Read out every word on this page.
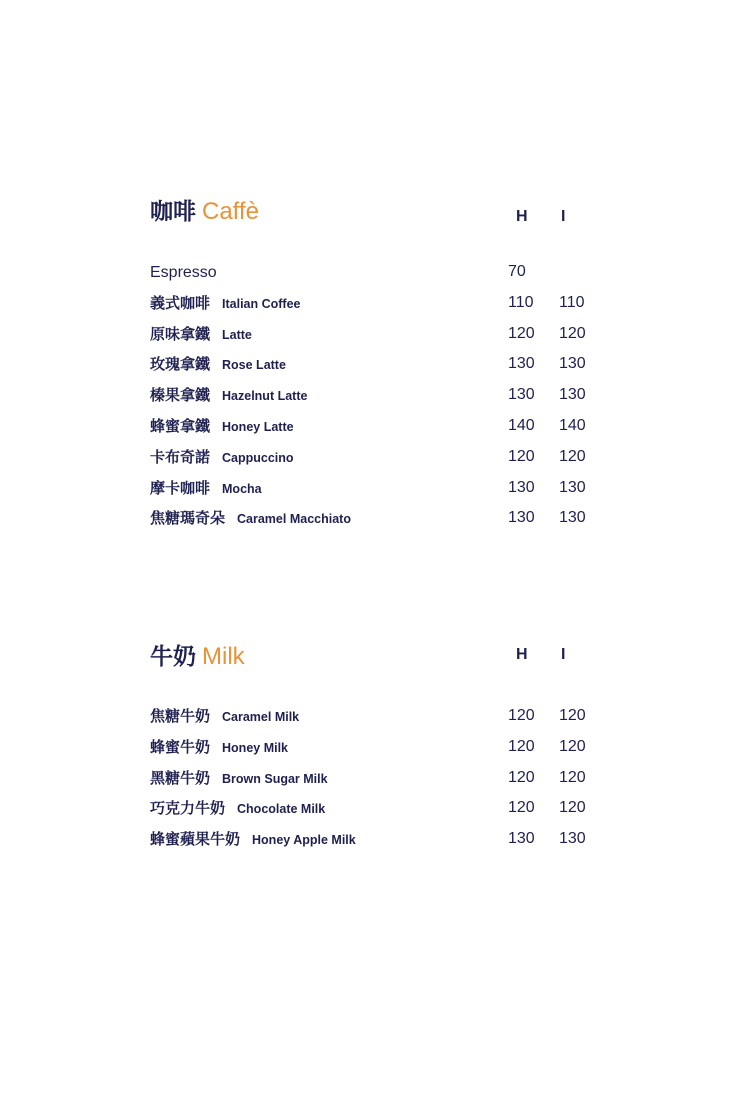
咖啡 Caffè	H I
Espresso	70
義式咖啡 Italian Coffee	110 110
原味拿鐵 Latte	120 120
玫瑰拿鐵 Rose Latte	130 130
榛果拿鐵 Hazelnut Latte	130 130
蜂蜜拿鐵 Honey Latte	140 140
卡布奇諾 Cappuccino	120 120
摩卡咖啡 Mocha	130 130
焦糖瑪奇朵 Caramel Macchiato	130 130
牛奶 Milk	H I
焦糖牛奶 Caramel Milk	120 120
蜂蜜牛奶 Honey Milk	120 120
黑糖牛奶 Brown Sugar Milk	120 120
巧克力牛奶 Chocolate Milk	120 120
蜂蜜蘋果牛奶 Honey Apple Milk	130 130
